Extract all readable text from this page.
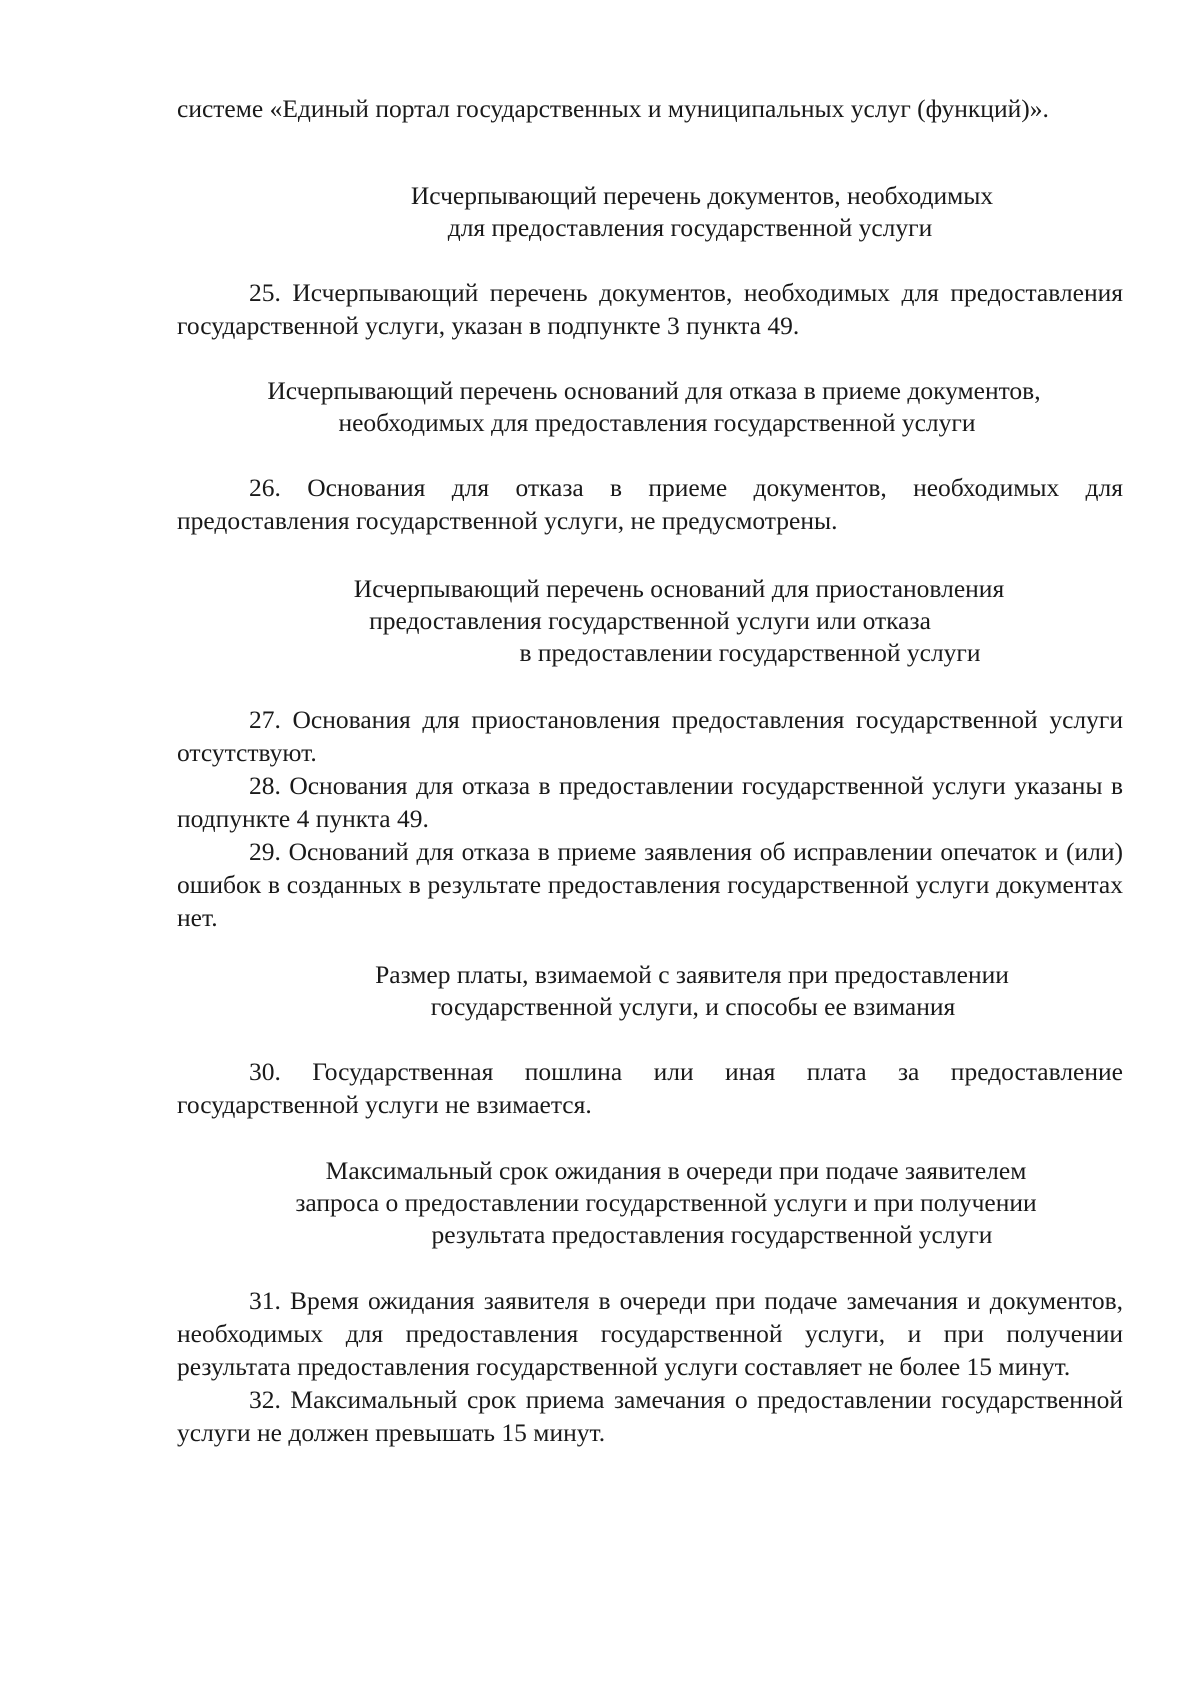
системе «Единый портал государственных и муниципальных услуг (функций)».

Исчерпывающий перечень документов, необходимых
для предоставления государственной услуги

25. Исчерпывающий перечень документов, необходимых для предоставления государственной услуги, указан в подпункте 3 пункта 49.

Исчерпывающий перечень оснований для отказа в приеме документов,
необходимых для предоставления государственной услуги

26. Основания для отказа в приеме документов, необходимых для предоставления государственной услуги, не предусмотрены.

Исчерпывающий перечень оснований для приостановления
предоставления государственной услуги или отказа
в предоставлении государственной услуги

27. Основания для приостановления предоставления государственной услуги отсутствуют.

28. Основания для отказа в предоставлении государственной услуги указаны в подпункте 4 пункта 49.

29. Оснований для отказа в приеме заявления об исправлении опечаток и (или) ошибок в созданных в результате предоставления государственной услуги документах нет.

Размер платы, взимаемой с заявителя при предоставлении
государственной услуги, и способы ее взимания

30. Государственная пошлина или иная плата за предоставление государственной услуги не взимается.

Максимальный срок ожидания в очереди при подаче заявителем
запроса о предоставлении государственной услуги и при получении
результата предоставления государственной услуги

31. Время ожидания заявителя в очереди при подаче замечания и документов, необходимых для предоставления государственной услуги, и при получении результата предоставления государственной услуги составляет не более 15 минут.

32. Максимальный срок приема замечания о предоставлении государственной услуги не должен превышать 15 минут.
